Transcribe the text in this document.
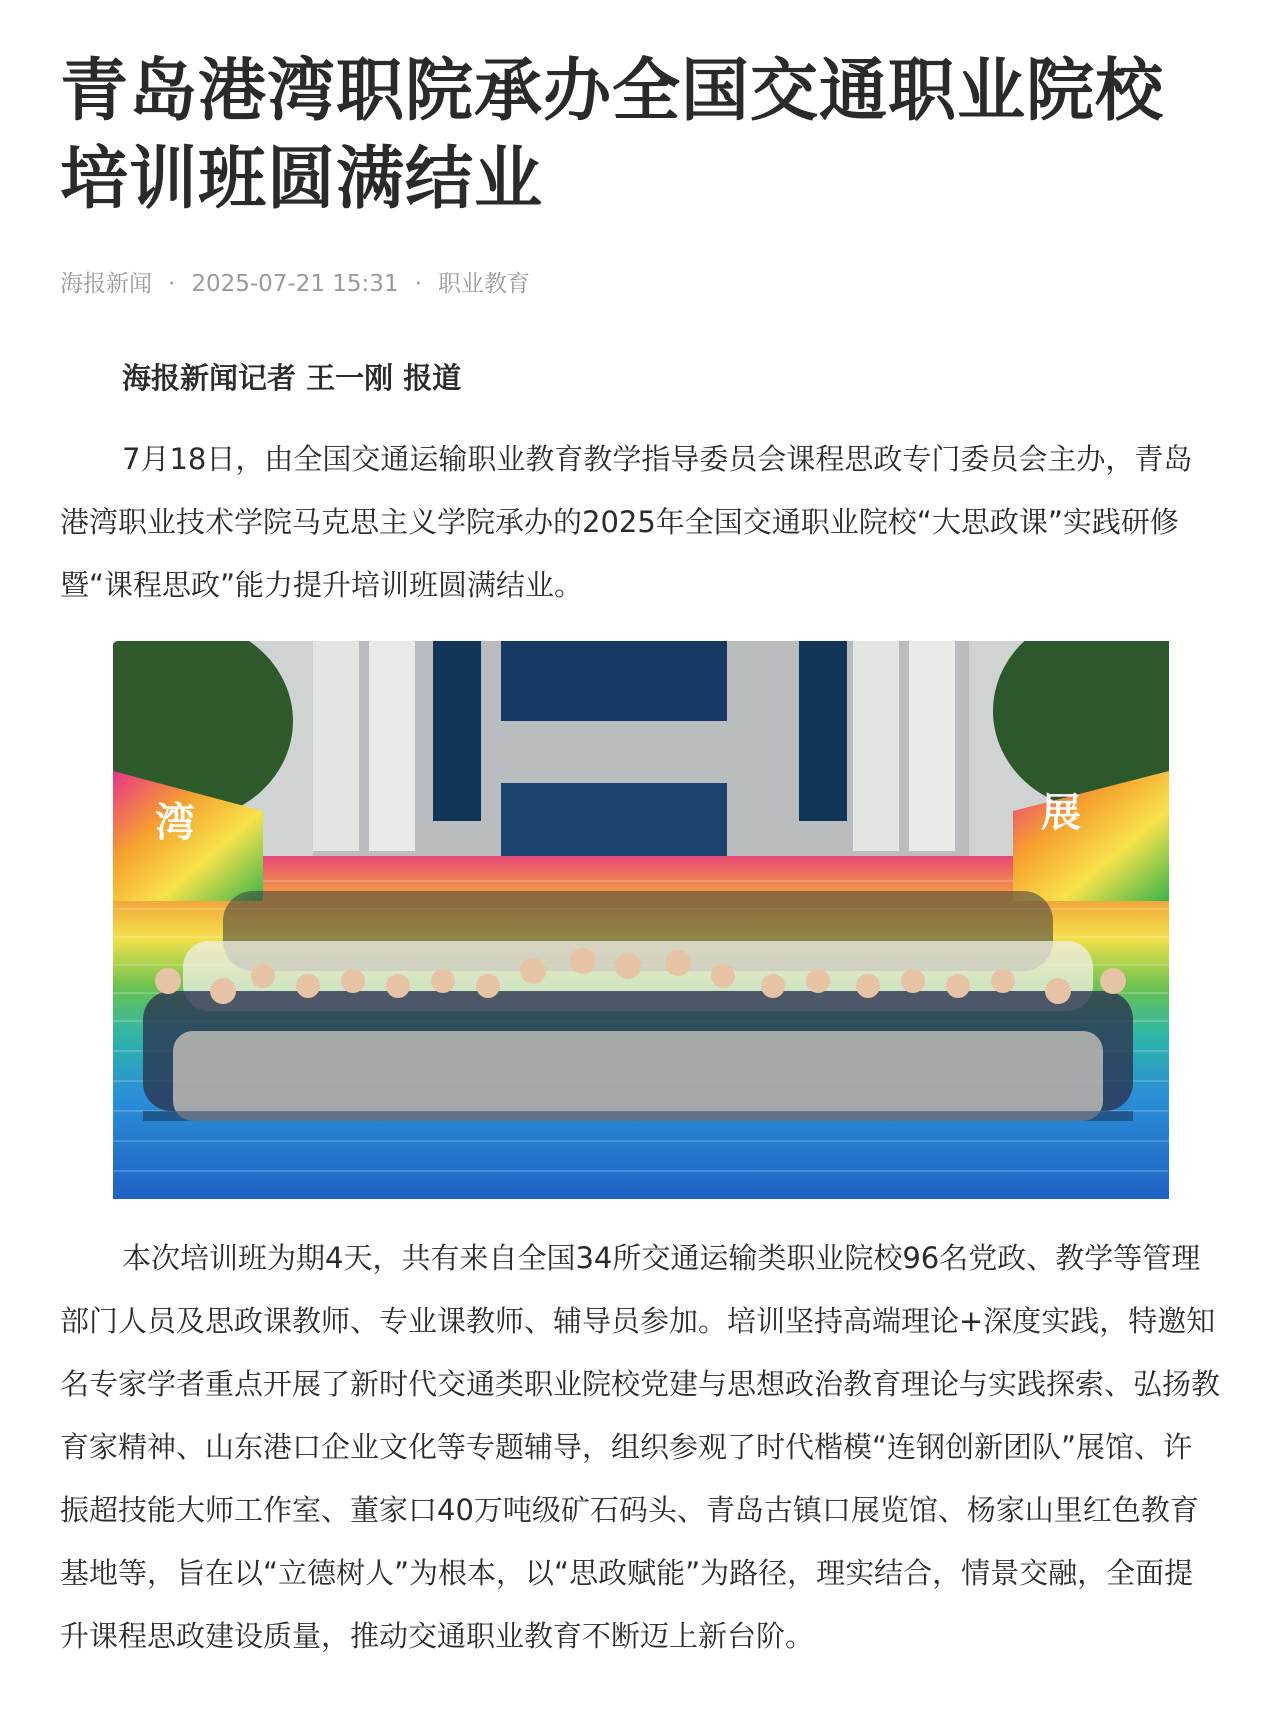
青岛港湾职院承办全国交通职业院校培训班圆满结业
海报新闻 · 2025-07-21 15:31 · 职业教育
海报新闻记者 王一刚 报道

7月18日，由全国交通运输职业教育教学指导委员会课程思政专门委员会主办，青岛港湾职业技术学院马克思主义学院承办的2025年全国交通职业院校“大思政课”实践研修暨“课程思政”能力提升培训班圆满结业。

湾	展

本次培训班为期4天，共有来自全国34所交通运输类职业院校96名党政、教学等管理部门人员及思政课教师、专业课教师、辅导员参加。培训坚持高端理论+深度实践，特邀知名专家学者重点开展了新时代交通类职业院校党建与思想政治教育理论与实践探索、弘扬教育家精神、山东港口企业文化等专题辅导，组织参观了时代楷模“连钢创新团队”展馆、许振超技能大师工作室、董家口40万吨级矿石码头、青岛古镇口展览馆、杨家山里红色教育基地等，旨在以“立德树人”为根本，以“思政赋能”为路径，理实结合，情景交融，全面提升课程思政建设质量，推动交通职业教育不断迈上新台阶。
